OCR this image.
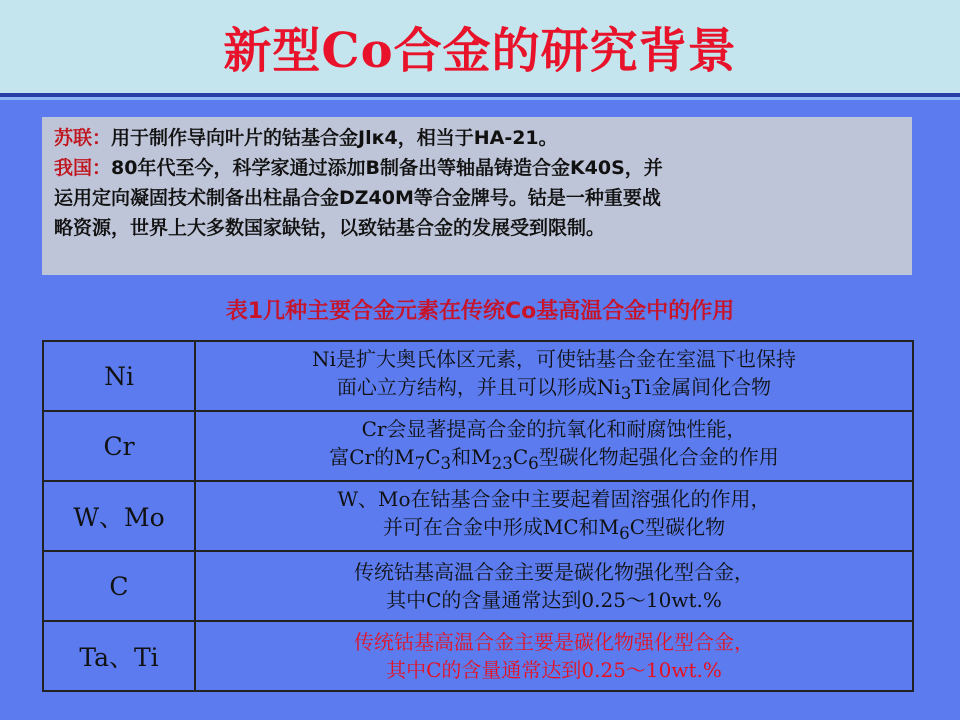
新型Co合金的研究背景

苏联：用于制作导向叶片的钴基合金Jlк4，相当于HA-21。

我国：80年代至今，科学家通过添加B制备出等轴晶铸造合金K40S，并

运用定向凝固技术制备出柱晶合金DZ40M等合金牌号。钴是一种重要战

略资源，世界上大多数国家缺钴，以致钴基合金的发展受到限制。

表1几种主要合金元素在传统Co基高温合金中的作用
Ni	Ni是扩大奥氏体区元素，可使钴基合金在室温下也保持
面心立方结构，并且可以形成$Ni_3Ti$金属间化合物

Cr	Cr会显著提高合金的抗氧化和耐腐蚀性能，
富Cr的$M_7C_3$和$M_{23}C_6$型碳化物起强化合金的作用

W、Mo	W、Mo在钴基合金中主要起着固溶强化的作用，
并可在合金中形成MC和$M_6C$型碳化物

C	传统钴基高温合金主要是碳化物强化型合金，
其中C的含量通常达到0.25～10wt.%

Ta、Ti	传统钴基高温合金主要是碳化物强化型合金，
其中C的含量通常达到0.25～10wt.%
